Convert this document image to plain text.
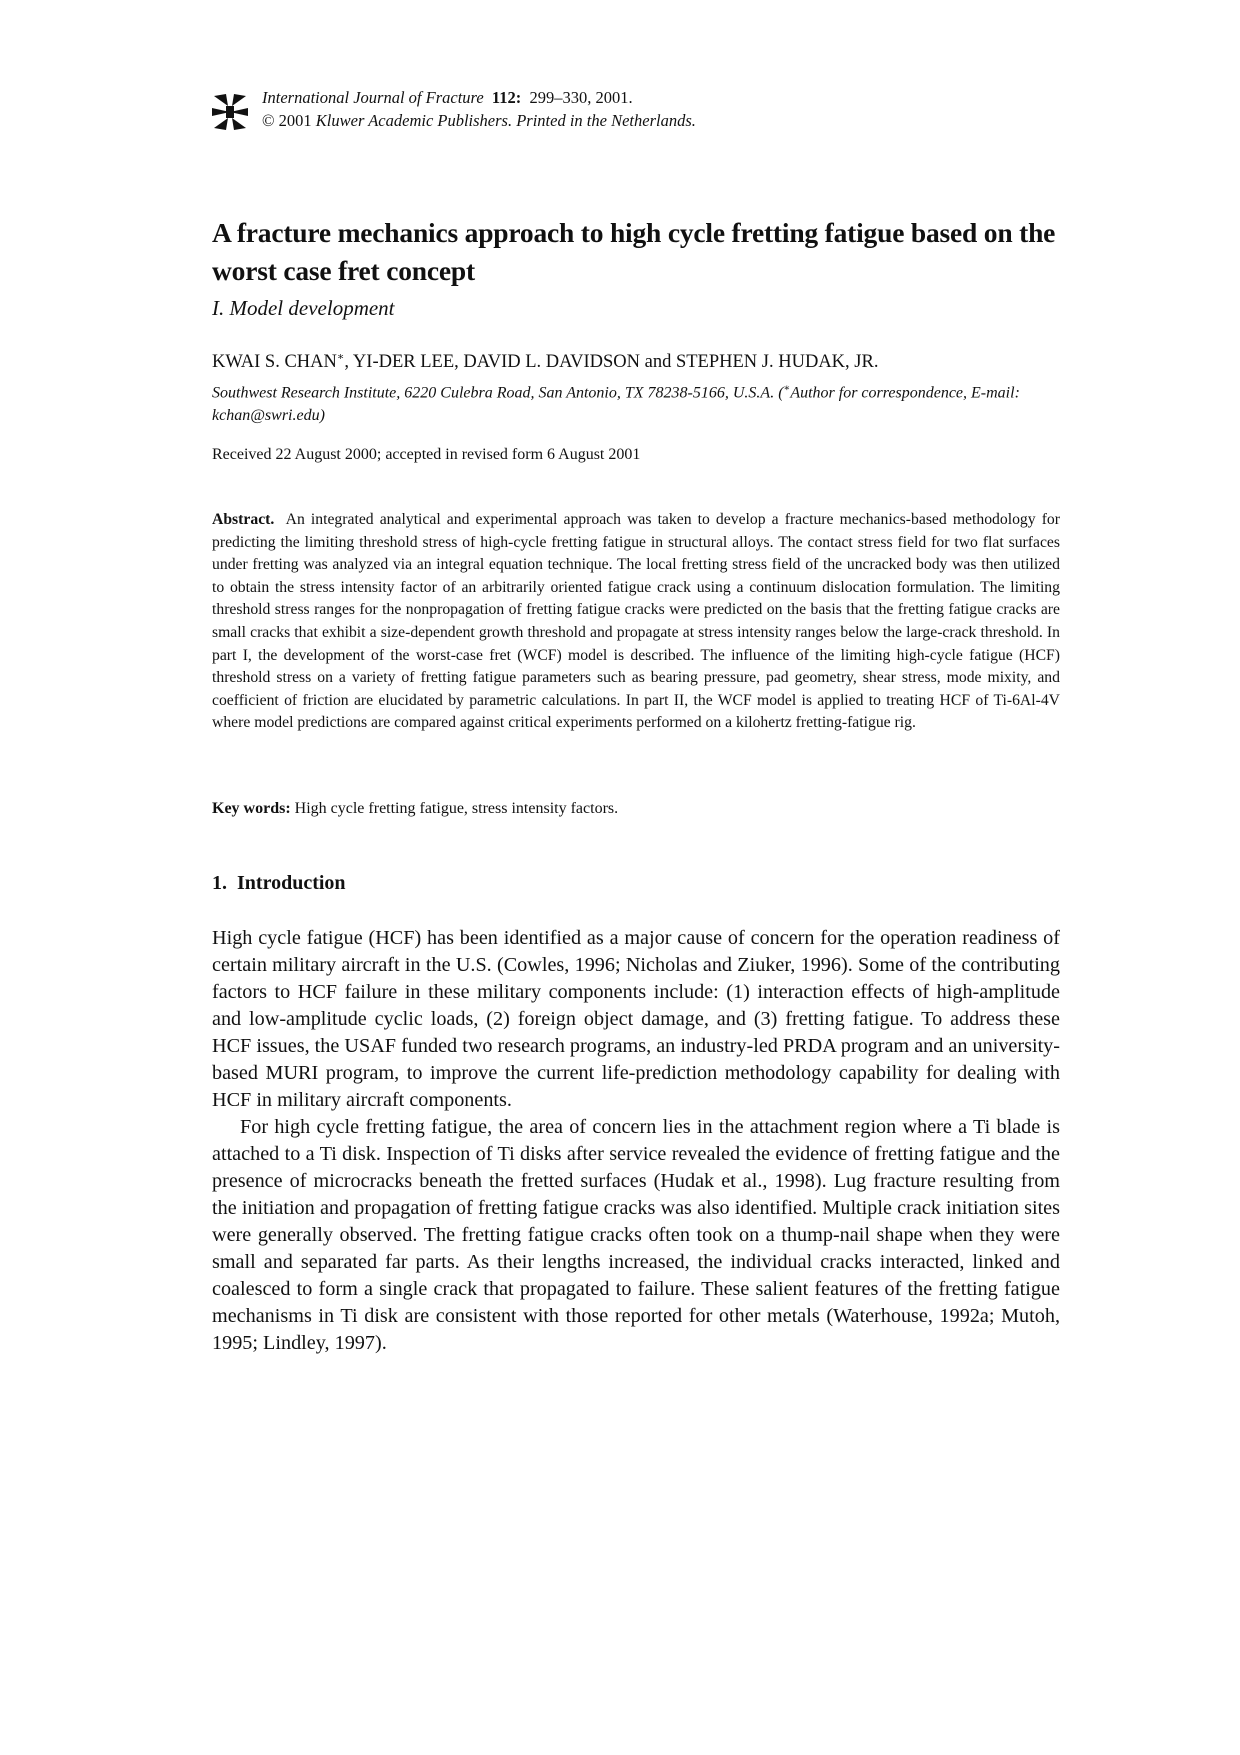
International Journal of Fracture 112: 299–330, 2001.
© 2001 Kluwer Academic Publishers. Printed in the Netherlands.
A fracture mechanics approach to high cycle fretting fatigue based on the worst case fret concept
I. Model development
KWAI S. CHAN∗, YI-DER LEE, DAVID L. DAVIDSON and STEPHEN J. HUDAK, JR.
Southwest Research Institute, 6220 Culebra Road, San Antonio, TX 78238-5166, U.S.A. (∗Author for correspondence, E-mail: kchan@swri.edu)
Received 22 August 2000; accepted in revised form 6 August 2001

Abstract. An integrated analytical and experimental approach was taken to develop a fracture mechanics-based methodology for predicting the limiting threshold stress of high-cycle fretting fatigue in structural alloys. The contact stress field for two flat surfaces under fretting was analyzed via an integral equation technique. The local fretting stress field of the uncracked body was then utilized to obtain the stress intensity factor of an arbitrarily oriented fatigue crack using a continuum dislocation formulation. The limiting threshold stress ranges for the nonpropagation of fretting fatigue cracks were predicted on the basis that the fretting fatigue cracks are small cracks that exhibit a size-dependent growth threshold and propagate at stress intensity ranges below the large-crack threshold. In part I, the development of the worst-case fret (WCF) model is described. The influence of the limiting high-cycle fatigue (HCF) threshold stress on a variety of fretting fatigue parameters such as bearing pressure, pad geometry, shear stress, mode mixity, and coefficient of friction are elucidated by parametric calculations. In part II, the WCF model is applied to treating HCF of Ti-6Al-4V where model predictions are compared against critical experiments performed on a kilohertz fretting-fatigue rig.

Key words: High cycle fretting fatigue, stress intensity factors.
1. Introduction

High cycle fatigue (HCF) has been identified as a major cause of concern for the operation readiness of certain military aircraft in the U.S. (Cowles, 1996; Nicholas and Ziuker, 1996). Some of the contributing factors to HCF failure in these military components include: (1) interaction effects of high-amplitude and low-amplitude cyclic loads, (2) foreign object damage, and (3) fretting fatigue. To address these HCF issues, the USAF funded two research programs, an industry-led PRDA program and an university-based MURI program, to improve the current life-prediction methodology capability for dealing with HCF in military aircraft components.

For high cycle fretting fatigue, the area of concern lies in the attachment region where a Ti blade is attached to a Ti disk. Inspection of Ti disks after service revealed the evidence of fretting fatigue and the presence of microcracks beneath the fretted surfaces (Hudak et al., 1998). Lug fracture resulting from the initiation and propagation of fretting fatigue cracks was also identified. Multiple crack initiation sites were generally observed. The fretting fatigue cracks often took on a thump-nail shape when they were small and separated far parts. As their lengths increased, the individual cracks interacted, linked and coalesced to form a single crack that propagated to failure. These salient features of the fretting fatigue mechanisms in Ti disk are consistent with those reported for other metals (Waterhouse, 1992a; Mutoh, 1995; Lindley, 1997).
